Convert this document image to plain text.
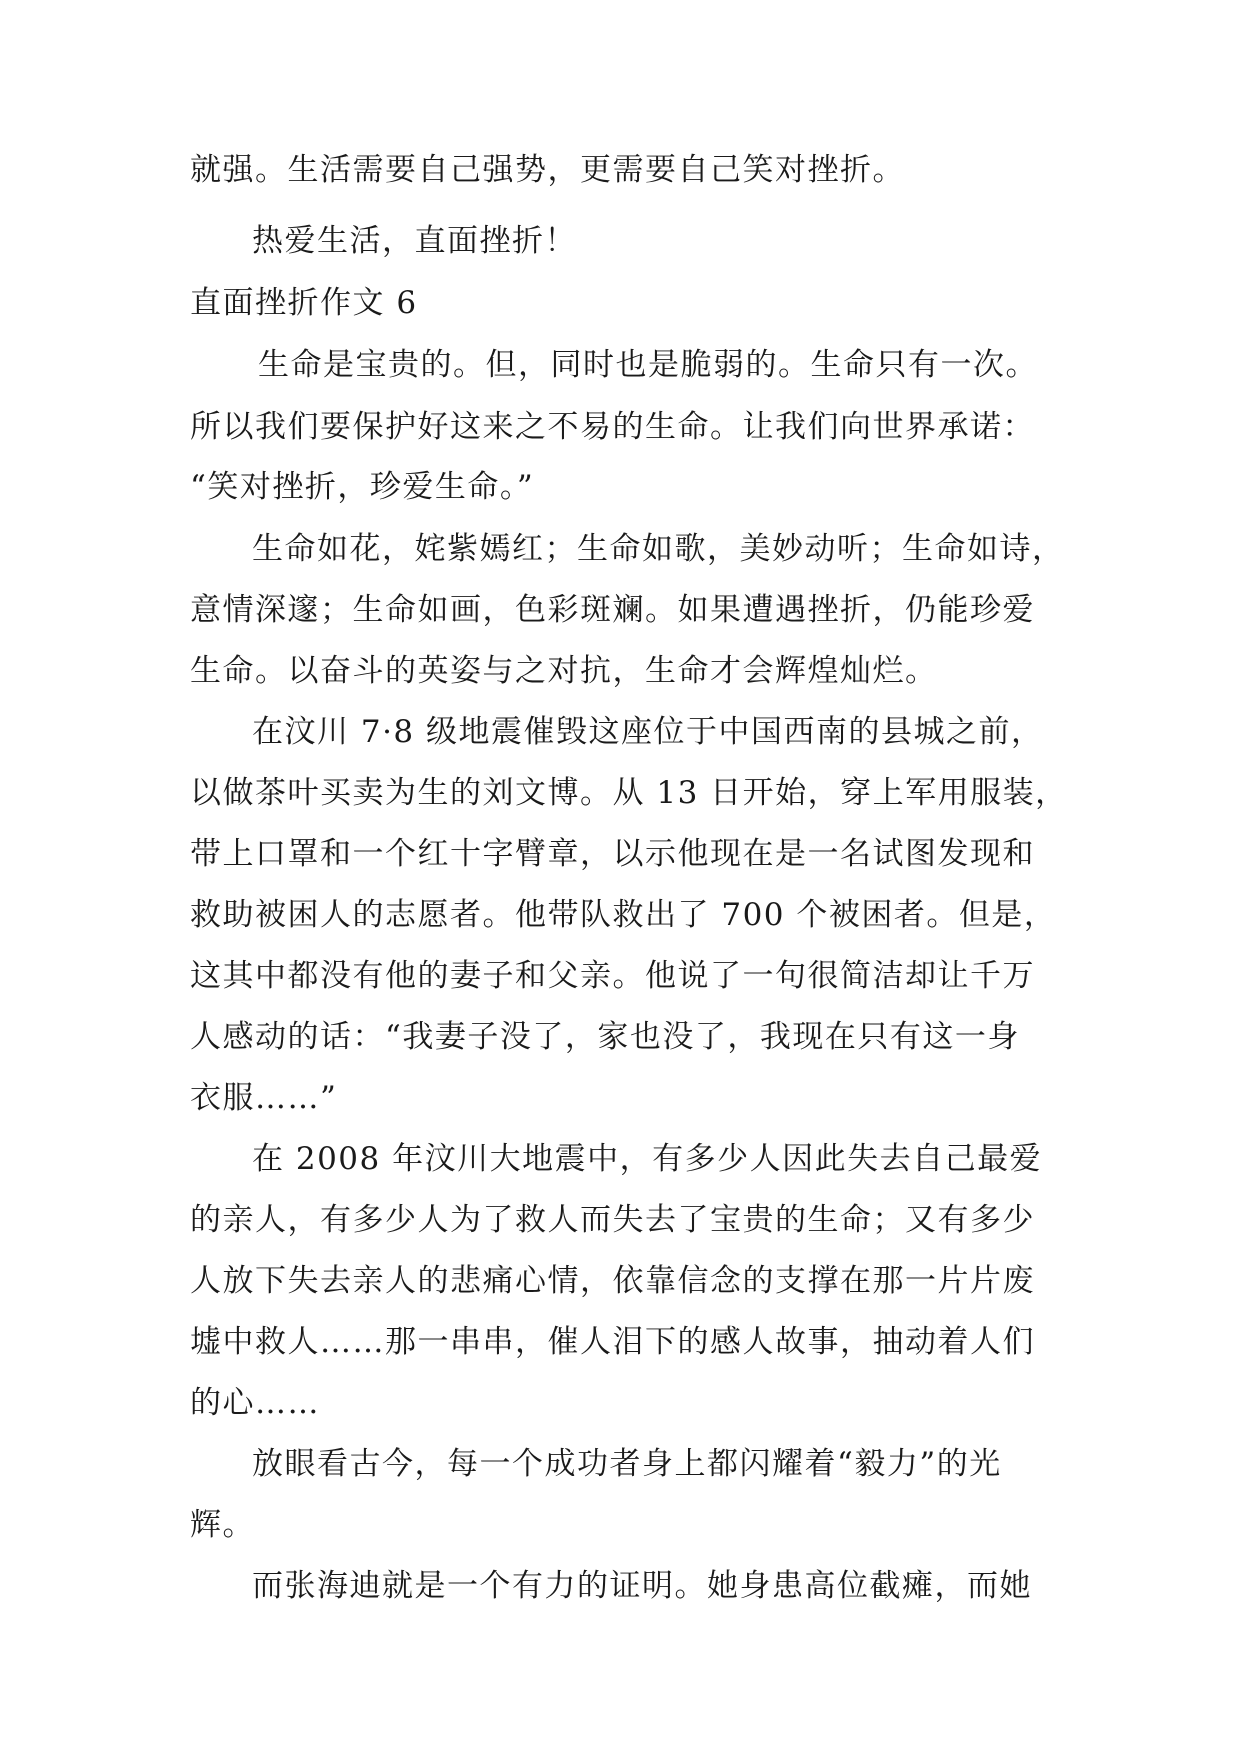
就强。生活需要自己强势，更需要自己笑对挫折。
热爱生活，直面挫折！
直面挫折作文 6
生命是宝贵的。但，同时也是脆弱的。生命只有一次。
所以我们要保护好这来之不易的生命。让我们向世界承诺：
“笑对挫折，珍爱生命。”
生命如花，姹紫嫣红；生命如歌，美妙动听；生命如诗，
意情深邃；生命如画，色彩斑斓。如果遭遇挫折，仍能珍爱
生命。以奋斗的英姿与之对抗，生命才会辉煌灿烂。
在汶川 7·8 级地震催毁这座位于中国西南的县城之前，
以做茶叶买卖为生的刘文博。从 13 日开始，穿上军用服装，
带上口罩和一个红十字臂章，以示他现在是一名试图发现和
救助被困人的志愿者。他带队救出了 700 个被困者。但是，
这其中都没有他的妻子和父亲。他说了一句很简洁却让千万
人感动的话：“我妻子没了，家也没了，我现在只有这一身
衣服……”
在 2008 年汶川大地震中，有多少人因此失去自己最爱
的亲人，有多少人为了救人而失去了宝贵的生命；又有多少
人放下失去亲人的悲痛心情，依靠信念的支撑在那一片片废
墟中救人……那一串串，催人泪下的感人故事，抽动着人们
的心……
放眼看古今，每一个成功者身上都闪耀着“毅力”的光
辉。
而张海迪就是一个有力的证明。她身患高位截瘫，而她
